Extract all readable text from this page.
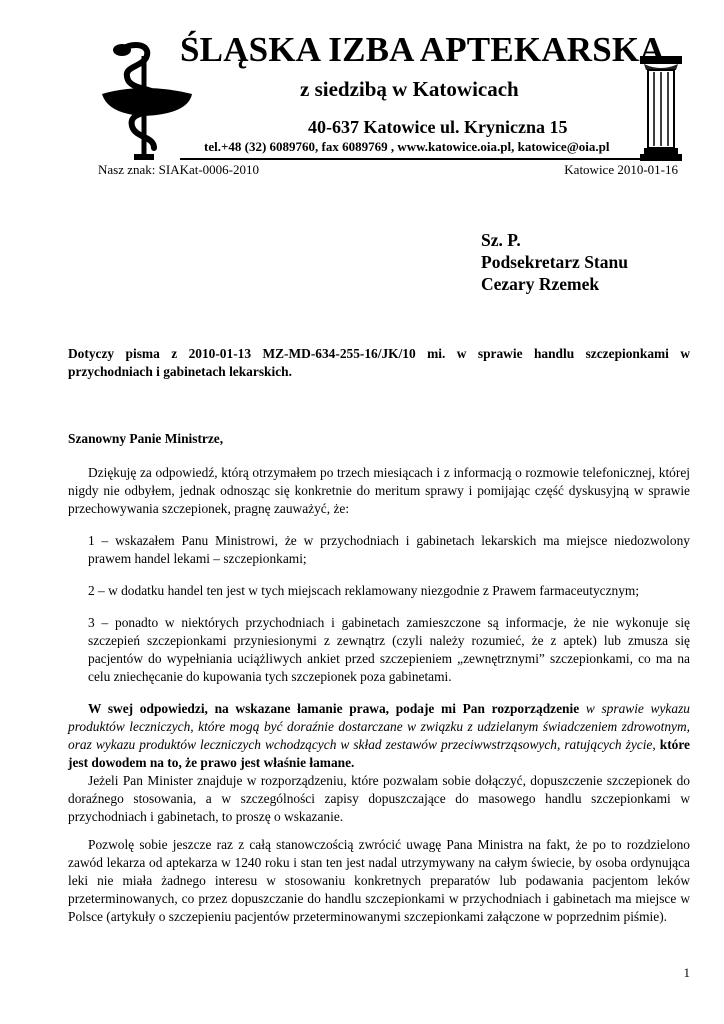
ŚLĄSKA IZBA APTEKARSKA
z siedzibą w Katowicach
40-637 Katowice ul. Kryniczna 15
tel.+48 (32) 6089760, fax 6089769 , www.katowice.oia.pl, katowice@oia.pl
Nasz znak: SIAKat-0006-2010	Katowice 2010-01-16
Sz. P.
Podsekretarz Stanu
Cezary Rzemek
Dotyczy pisma z 2010-01-13 MZ-MD-634-255-16/JK/10 mi. w sprawie handlu szczepionkami w przychodniach i gabinetach lekarskich.
Szanowny Panie Ministrze,

Dziękuję za odpowiedź, którą otrzymałem po trzech miesiącach i z informacją o rozmowie telefonicznej, której nigdy nie odbyłem, jednak odnosząc się konkretnie do meritum sprawy i pomijając część dyskusyjną w sprawie przechowywania szczepionek, pragnę zauważyć, że:

1 – wskazałem Panu Ministrowi, że w przychodniach i gabinetach lekarskich ma miejsce niedozwolony prawem handel lekami – szczepionkami;

2 – w dodatku handel ten jest w tych miejscach reklamowany niezgodnie z Prawem farmaceutycznym;

3 – ponadto w niektórych przychodniach i gabinetach zamieszczone są informacje, że nie wykonuje się szczepień szczepionkami przyniesionymi z zewnątrz (czyli należy rozumieć, że z aptek) lub zmusza się pacjentów do wypełniania uciążliwych ankiet przed szczepieniem „zewnętrznymi” szczepionkami, co ma na celu zniechęcanie do kupowania tych szczepionek poza gabinetami.

W swej odpowiedzi, na wskazane łamanie prawa, podaje mi Pan rozporządzenie w sprawie wykazu produktów leczniczych, które mogą być doraźnie dostarczane w związku z udzielanym świadczeniem zdrowotnym, oraz wykazu produktów leczniczych wchodzących w skład zestawów przeciwwstrząsowych, ratujących życie, które jest dowodem na to, że prawo jest właśnie łamane.

Jeżeli Pan Minister znajduje w rozporządzeniu, które pozwalam sobie dołączyć, dopuszczenie szczepionek do doraźnego stosowania, a w szczególności zapisy dopuszczające do masowego handlu szczepionkami w przychodniach i gabinetach, to proszę o wskazanie.

Pozwolę sobie jeszcze raz z całą stanowczością zwrócić uwagę Pana Ministra na fakt, że po to rozdzielono zawód lekarza od aptekarza w 1240 roku i stan ten jest nadal utrzymywany na całym świecie, by osoba ordynująca leki nie miała żadnego interesu w stosowaniu konkretnych preparatów lub podawania pacjentom leków przeterminowanych, co przez dopuszczanie do handlu szczepionkami w przychodniach i gabinetach ma miejsce w Polsce (artykuły o szczepieniu pacjentów przeterminowanymi szczepionkami załączone w poprzednim piśmie).

1
